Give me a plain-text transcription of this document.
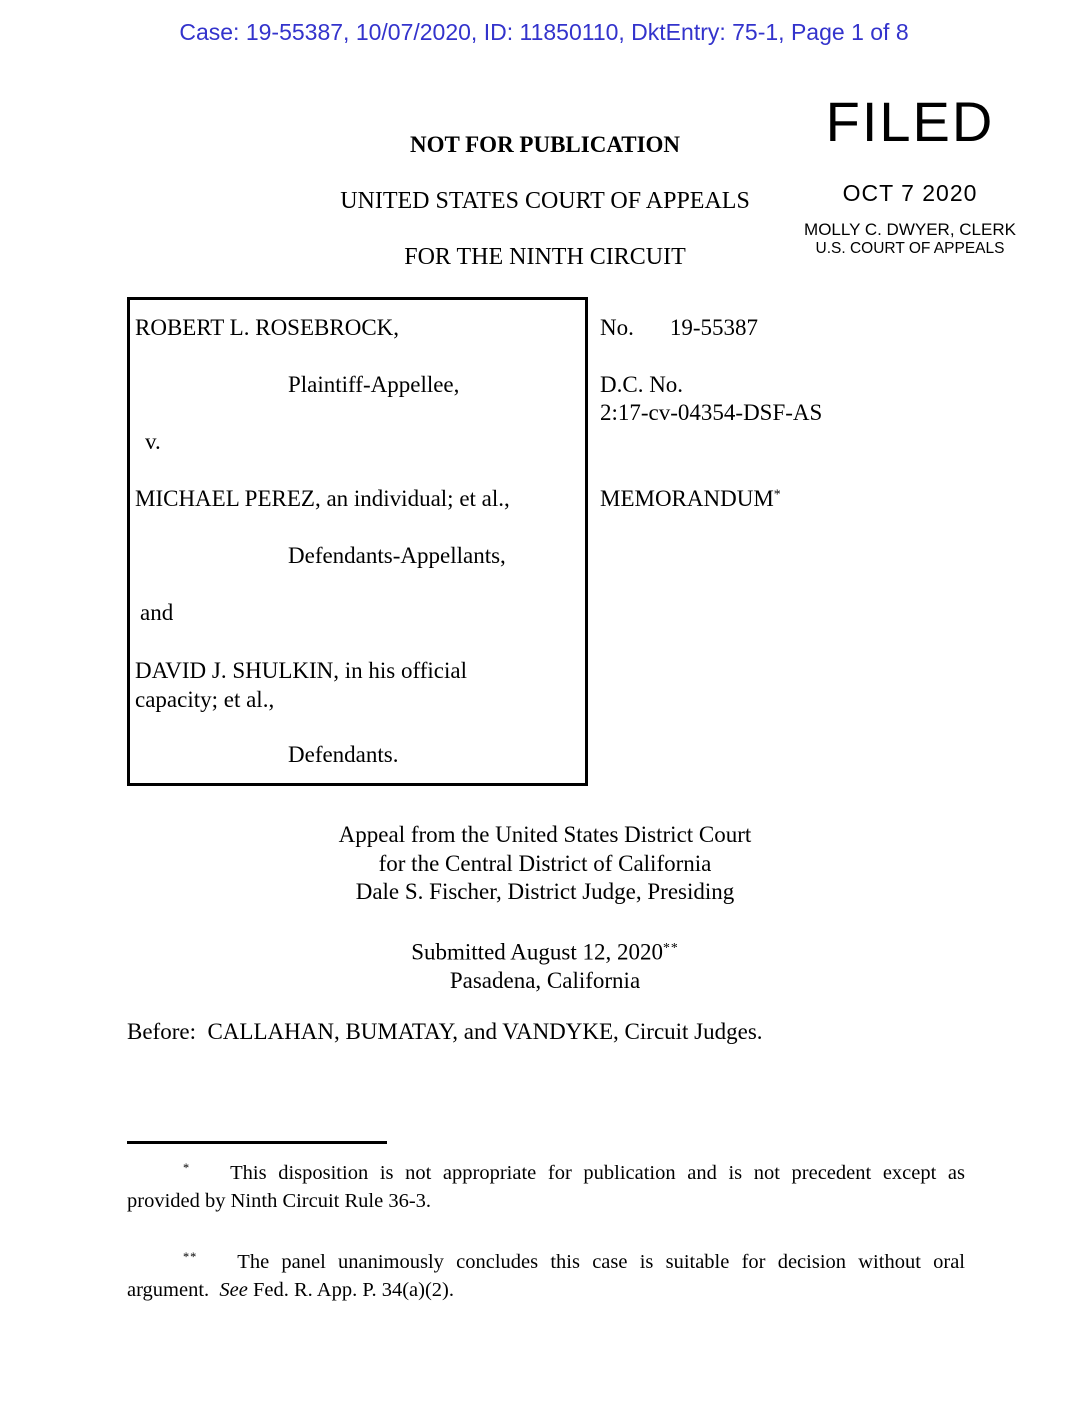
Case: 19-55387, 10/07/2020, ID: 11850110, DktEntry: 75-1, Page 1 of 8
FILED
OCT 7 2020
MOLLY C. DWYER, CLERK
U.S. COURT OF APPEALS
NOT FOR PUBLICATION
UNITED STATES COURT OF APPEALS
FOR THE NINTH CIRCUIT
ROBERT L. ROSEBROCK,
Plaintiff-Appellee,
v.
MICHAEL PEREZ, an individual; et al.,
Defendants-Appellants,
and
DAVID J. SHULKIN, in his official
capacity; et al.,
Defendants.
No. 19-55387
D.C. No.
2:17-cv-04354-DSF-AS
MEMORANDUM*
Appeal from the United States District Court
for the Central District of California
Dale S. Fischer, District Judge, Presiding
Submitted August 12, 2020**
Pasadena, California
Before:  CALLAHAN, BUMATAY, and VANDYKE, Circuit Judges.
* This disposition is not appropriate for publication and is not precedent except as
provided by Ninth Circuit Rule 36-3.
** The panel unanimously concludes this case is suitable for decision without oral
argument.  See Fed. R. App. P. 34(a)(2).
